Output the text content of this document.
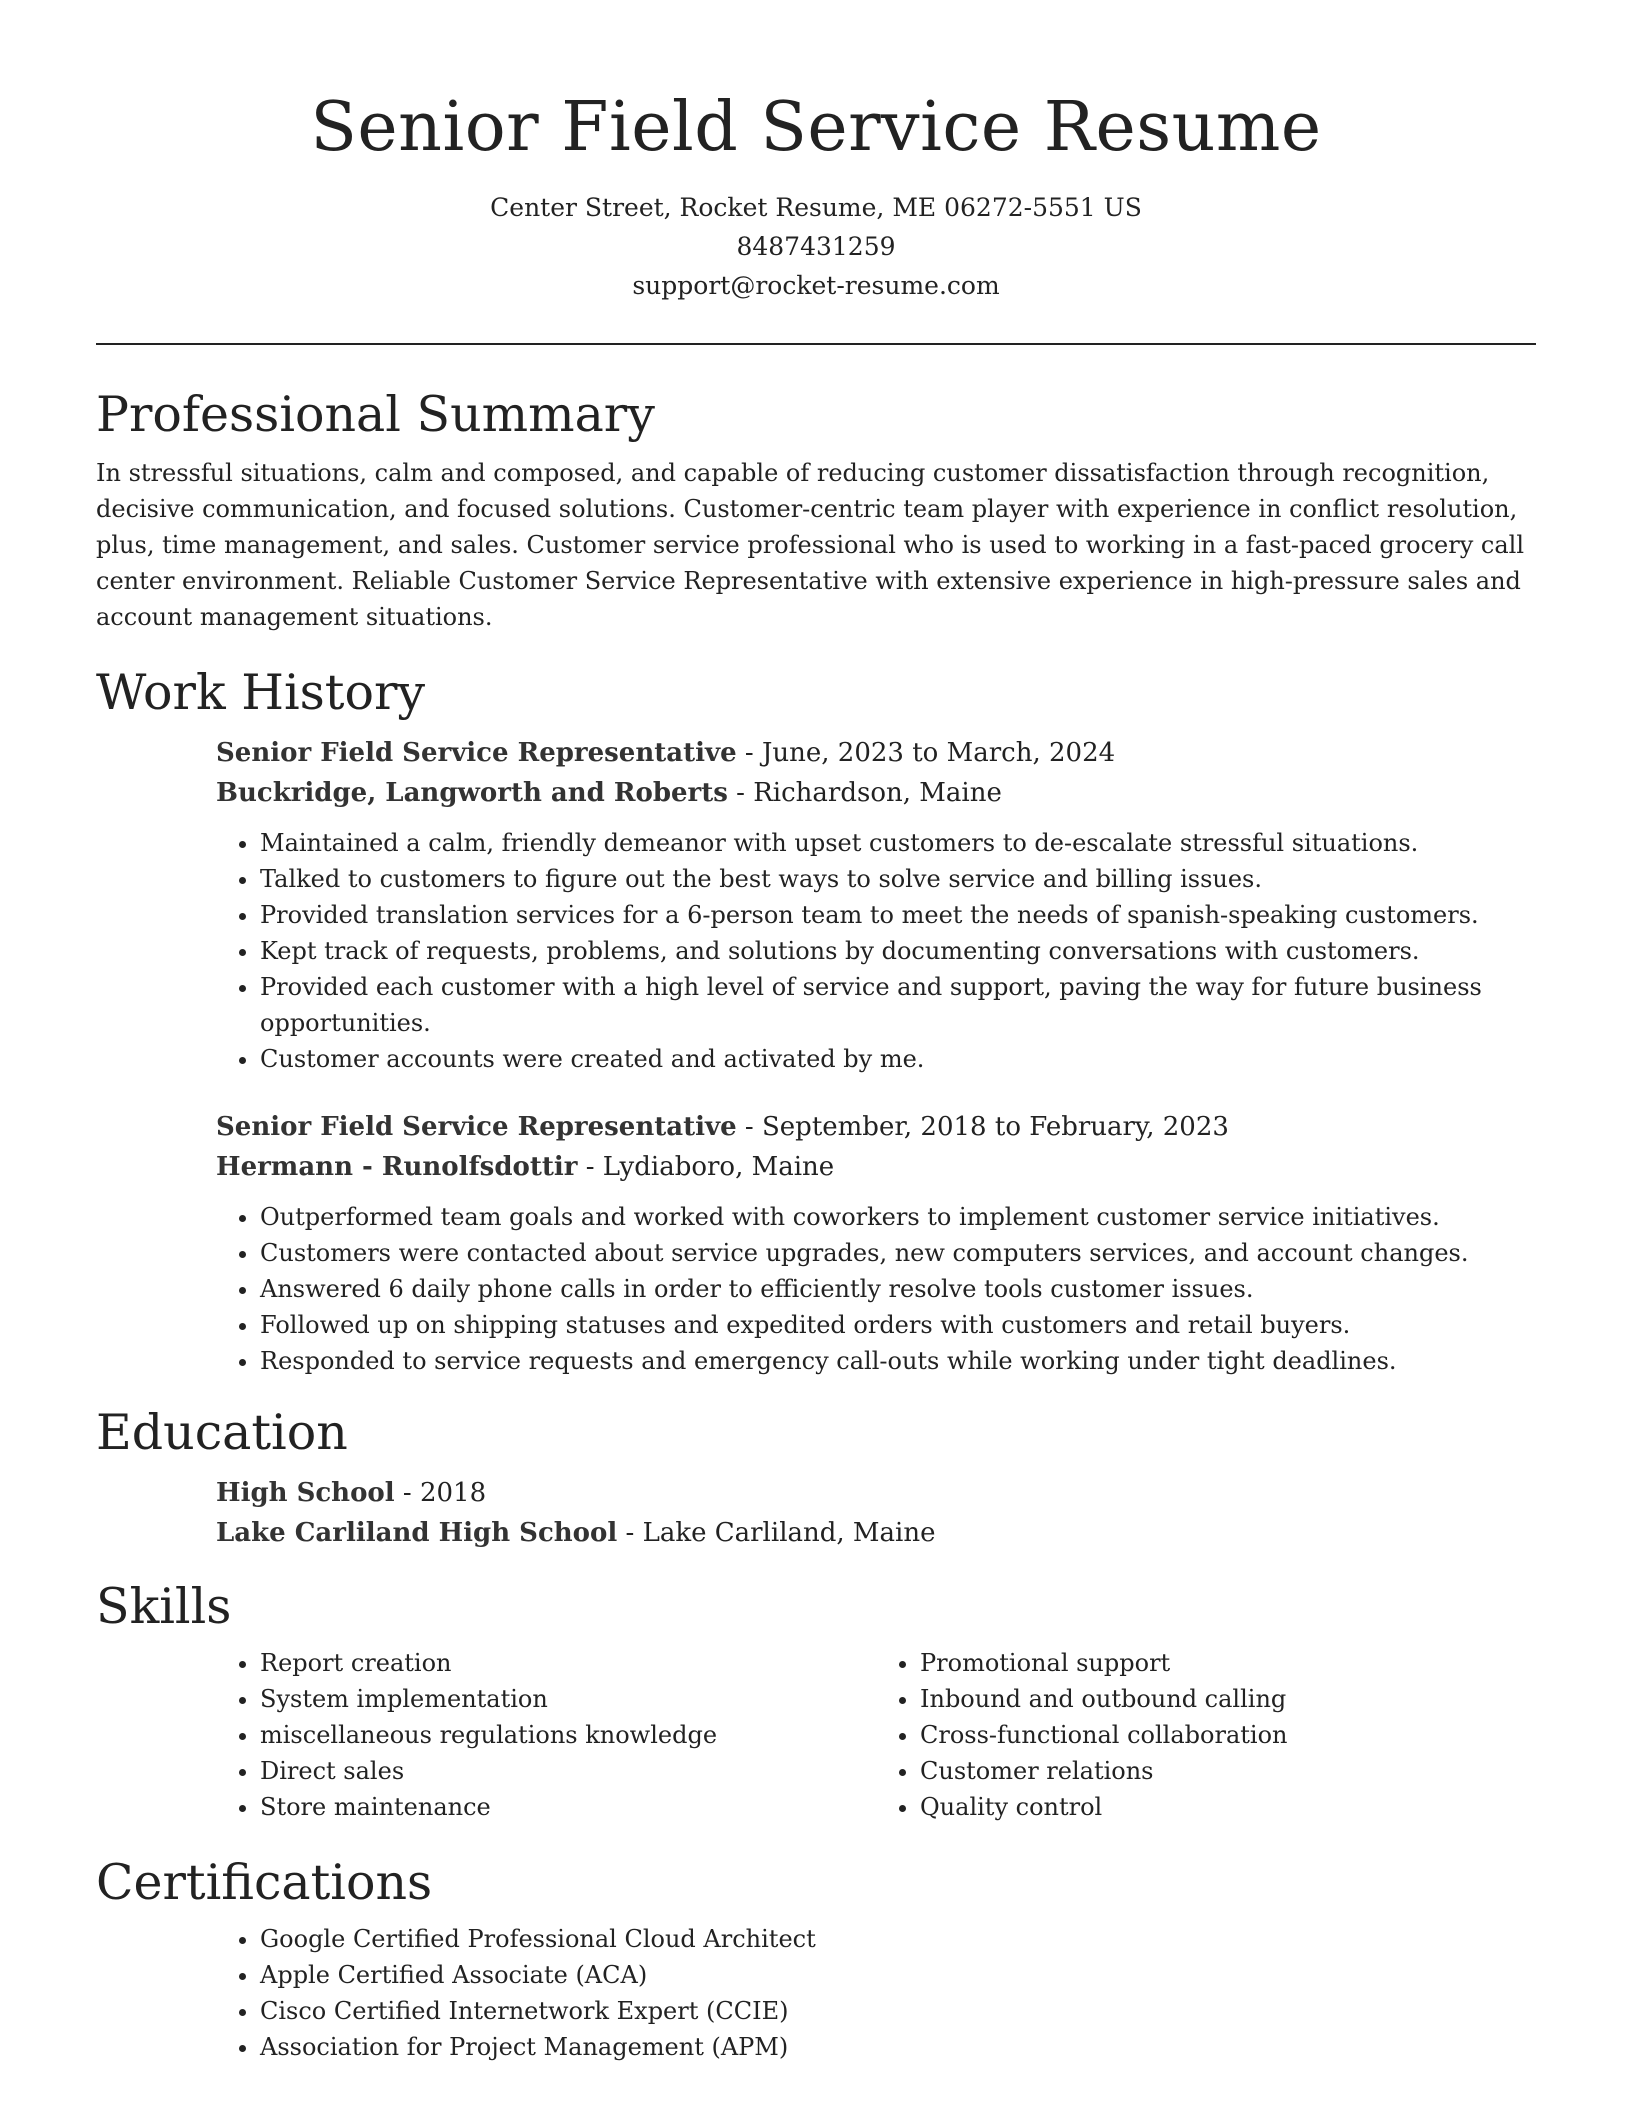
Senior Field Service Resume
Center Street, Rocket Resume, ME 06272-5551 US
8487431259
support@rocket-resume.com
Professional Summary

In stressful situations, calm and composed, and capable of reducing customer dissatisfaction through recognition, decisive communication, and focused solutions. Customer-centric team player with experience in conflict resolution, plus, time management, and sales. Customer service professional who is used to working in a fast-paced grocery call center environment. Reliable Customer Service Representative with extensive experience in high-pressure sales and account management situations.

Work History

Senior Field Service Representative - June, 2023 to March, 2024

Buckridge, Langworth and Roberts - Richardson, Maine

• Maintained a calm, friendly demeanor with upset customers to de-escalate stressful situations.
• Talked to customers to figure out the best ways to solve service and billing issues.
• Provided translation services for a 6-person team to meet the needs of spanish-speaking customers.
• Kept track of requests, problems, and solutions by documenting conversations with customers.
• Provided each customer with a high level of service and support, paving the way for future business opportunities.
• Customer accounts were created and activated by me.

Senior Field Service Representative - September, 2018 to February, 2023

Hermann - Runolfsdottir - Lydiaboro, Maine

• Outperformed team goals and worked with coworkers to implement customer service initiatives.
• Customers were contacted about service upgrades, new computers services, and account changes.
• Answered 6 daily phone calls in order to efficiently resolve tools customer issues.
• Followed up on shipping statuses and expedited orders with customers and retail buyers.
• Responded to service requests and emergency call-outs while working under tight deadlines.
Education

High School - 2018

Lake Carliland High School - Lake Carliland, Maine

Skills
• Report creation
• System implementation
• miscellaneous regulations knowledge
• Direct sales
• Store maintenance
• Promotional support
• Inbound and outbound calling
• Cross-functional collaboration
• Customer relations
• Quality control
Certifications
• Google Certified Professional Cloud Architect
• Apple Certified Associate (ACA)
• Cisco Certified Internetwork Expert (CCIE)
• Association for Project Management (APM)
